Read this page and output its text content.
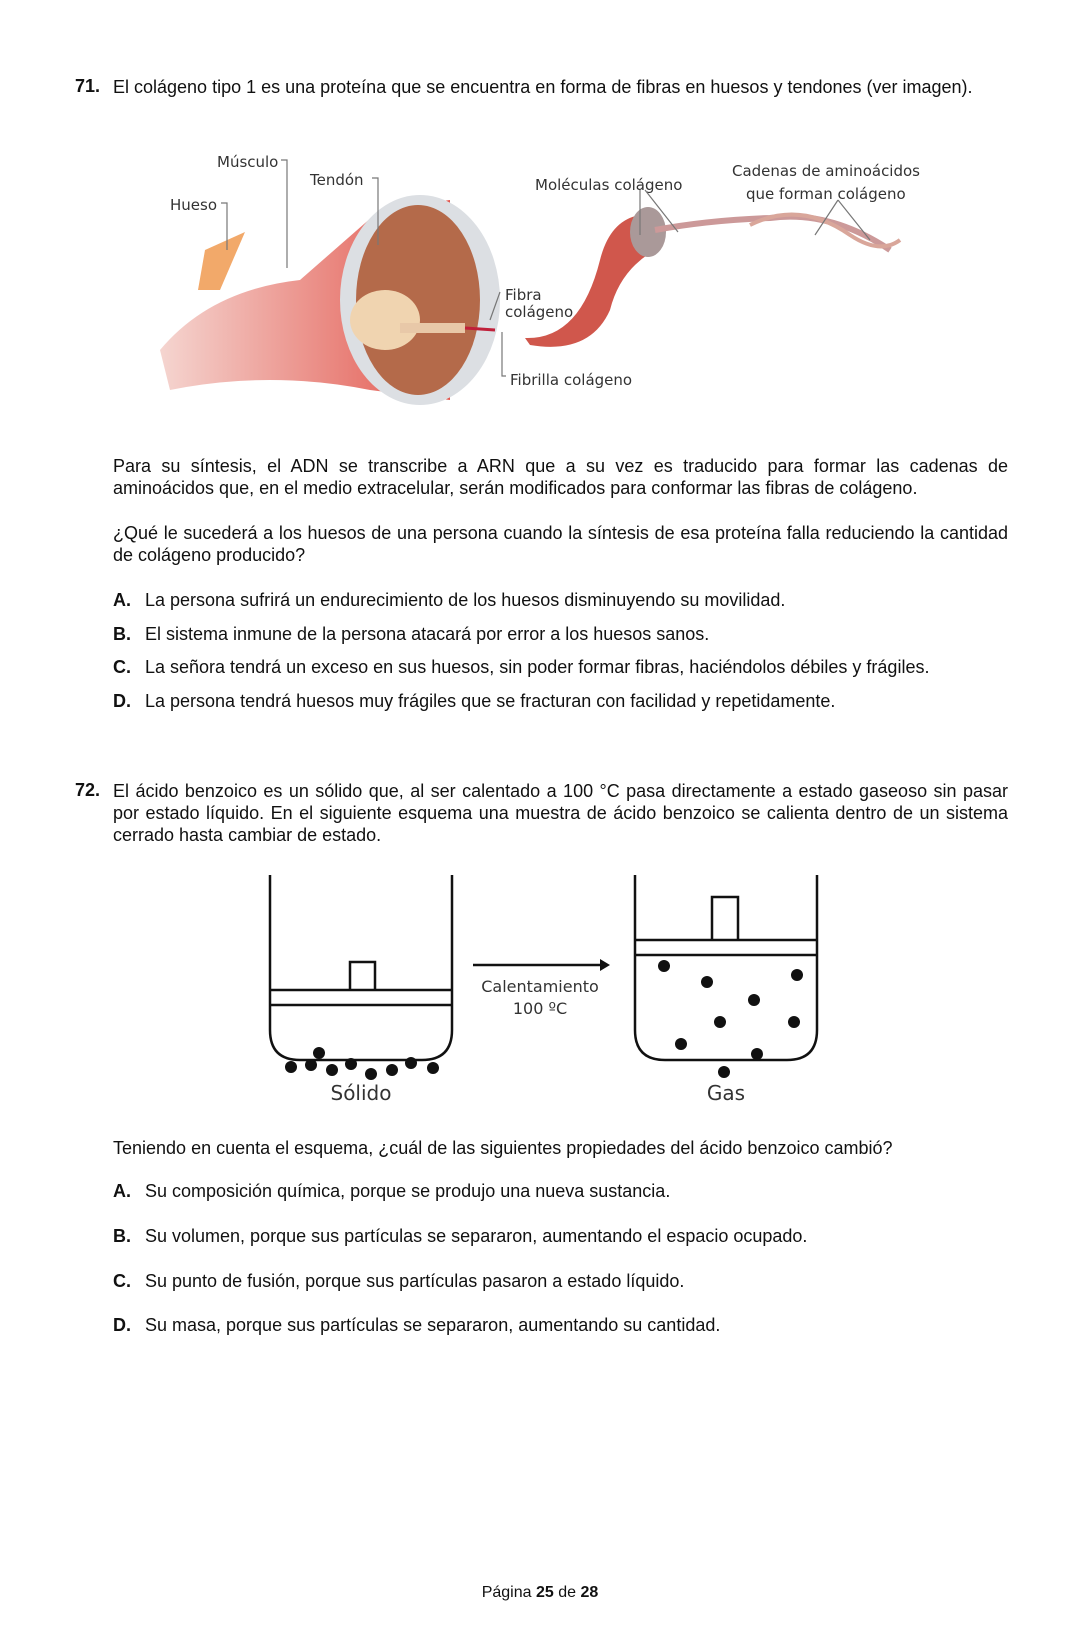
71. El colágeno tipo 1 es una proteína que se encuentra en forma de fibras en huesos y tendones (ver imagen).
Músculo
Tendón
Hueso
Moléculas colágeno
Cadenas de aminoácidos
que forman colágeno
Fibra
colágeno
Fibrilla colágeno
Para su síntesis, el ADN se transcribe a ARN que a su vez es traducido para formar las cadenas de aminoácidos que, en el medio extracelular, serán modificados para conformar las fibras de colágeno.
¿Qué le sucederá a los huesos de una persona cuando la síntesis de esa proteína falla reduciendo la cantidad de colágeno producido?
A. La persona sufrirá un endurecimiento de los huesos disminuyendo su movilidad.
B. El sistema inmune de la persona atacará por error a los huesos sanos.
C. La señora tendrá un exceso en sus huesos, sin poder formar fibras, haciéndolos débiles y frágiles.
D. La persona tendrá huesos muy frágiles que se fracturan con facilidad y repetidamente.
72. El ácido benzoico es un sólido que, al ser calentado a 100 °C pasa directamente a estado gaseoso sin pasar por estado líquido. En el siguiente esquema una muestra de ácido benzoico se calienta dentro de un sistema cerrado hasta cambiar de estado.
Calentamiento
100 ºC
Sólido	Gas
Teniendo en cuenta el esquema, ¿cuál de las siguientes propiedades del ácido benzoico cambió?
A. Su composición química, porque se produjo una nueva sustancia.
B. Su volumen, porque sus partículas se separaron, aumentando el espacio ocupado.
C. Su punto de fusión, porque sus partículas pasaron a estado líquido.
D. Su masa, porque sus partículas se separaron, aumentando su cantidad.
Página 25 de 28
